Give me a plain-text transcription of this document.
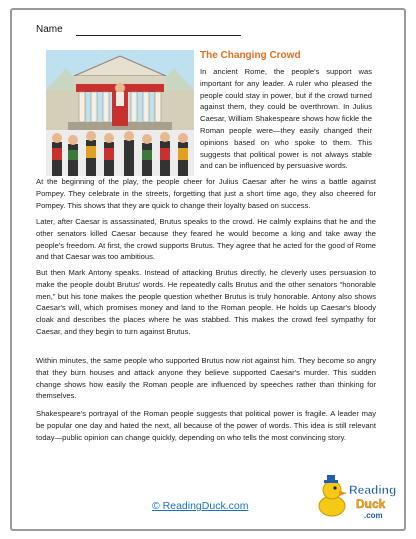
Name
The Changing Crowd
In ancient Rome, the people's support was important for any leader. A ruler who pleased the people could stay in power, but if the crowd turned against them, they could be overthrown. In Julius Caesar, William Shakespeare shows how fickle the Roman people were—they easily changed their opinions based on who spoke to them. This suggests that political power is not always stable and can be influenced by persuasive words.
At the beginning of the play, the people cheer for Julius Caesar after he wins a battle against Pompey. They celebrate in the streets, forgetting that just a short time ago, they also cheered for Pompey. This shows that they are quick to change their loyalty based on success.
Later, after Caesar is assassinated, Brutus speaks to the crowd. He calmly explains that he and the other senators killed Caesar because they feared he would become a king and take away the people's freedom. At first, the crowd supports Brutus. They agree that he acted for the good of Rome and that Caesar was too ambitious.
But then Mark Antony speaks. Instead of attacking Brutus directly, he cleverly uses persuasion to make the people doubt Brutus' words. He repeatedly calls Brutus and the other senators “honorable men,” but his tone makes the people question whether Brutus is truly honorable. Antony also shows Caesar's will, which promises money and land to the Roman people. He holds up Caesar's bloody cloak and describes the places where he was stabbed. This makes the crowd feel sympathy for Caesar, and they begin to turn against Brutus.
Within minutes, the same people who supported Brutus now riot against him. They become so angry that they burn houses and attack anyone they believe supported Caesar's murder. This sudden change shows how easily the Roman people are influenced by speeches rather than thinking for themselves.
Shakespeare's portrayal of the Roman people suggests that political power is fragile. A leader may be popular one day and hated the next, all because of the power of words. This idea is still relevant today—public opinion can change quickly, depending on who tells the most convincing story.
© ReadingDuck.com
Reading
Duck
.com
